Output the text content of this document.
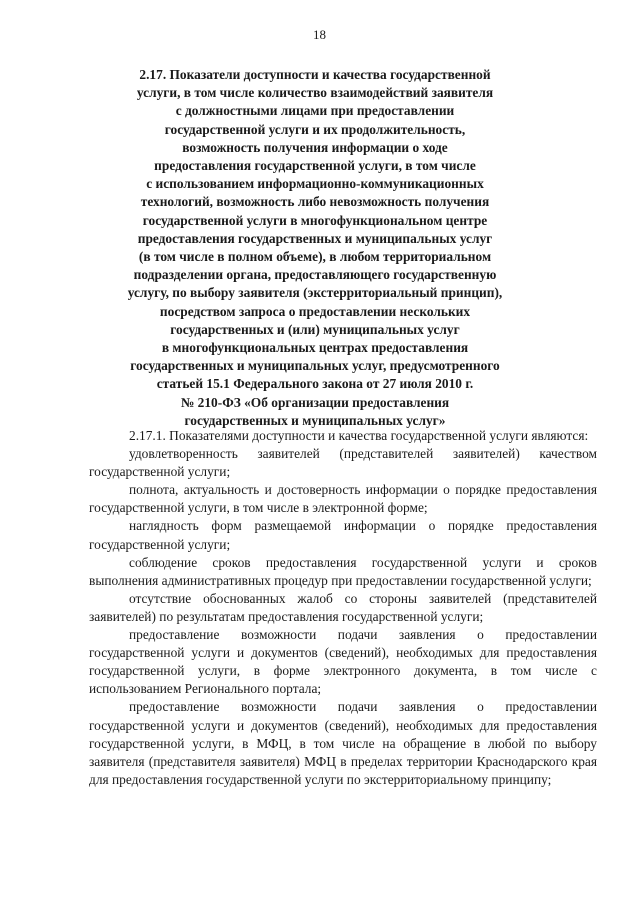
18
2.17. Показатели доступности и качества государственной
услуги, в том числе количество взаимодействий заявителя
с должностными лицами при предоставлении
государственной услуги и их продолжительность,
возможность получения информации о ходе
предоставления государственной услуги, в том числе
с использованием информационно-коммуникационных
технологий, возможность либо невозможность получения
государственной услуги в многофункциональном центре
предоставления государственных и муниципальных услуг
(в том числе в полном объеме), в любом территориальном
подразделении органа, предоставляющего государственную
услугу, по выбору заявителя (экстерриториальный принцип),
посредством запроса о предоставлении нескольких
государственных и (или) муниципальных услуг
в многофункциональных центрах предоставления
государственных и муниципальных услуг, предусмотренного
статьей 15.1 Федерального закона от 27 июля 2010 г.
№ 210-ФЗ «Об организации предоставления
государственных и муниципальных услуг»

2.17.1. Показателями доступности и качества государственной услуги являются:

удовлетворенность заявителей (представителей заявителей) качеством государственной услуги;

полнота, актуальность и достоверность информации о порядке предоставления государственной услуги, в том числе в электронной форме;

наглядность форм размещаемой информации о порядке предоставления государственной услуги;

соблюдение сроков предоставления государственной услуги и сроков выполнения административных процедур при предоставлении государственной услуги;

отсутствие обоснованных жалоб со стороны заявителей (представителей заявителей) по результатам предоставления государственной услуги;

предоставление возможности подачи заявления о предоставлении государственной услуги и документов (сведений), необходимых для предоставления государственной услуги, в форме электронного документа, в том числе с использованием Регионального портала;

предоставление возможности подачи заявления о предоставлении государственной услуги и документов (сведений), необходимых для предоставления государственной услуги, в МФЦ, в том числе на обращение в любой по выбору заявителя (представителя заявителя) МФЦ в пределах территории Краснодарского края для предоставления государственной услуги по экстерриториальному принципу;
